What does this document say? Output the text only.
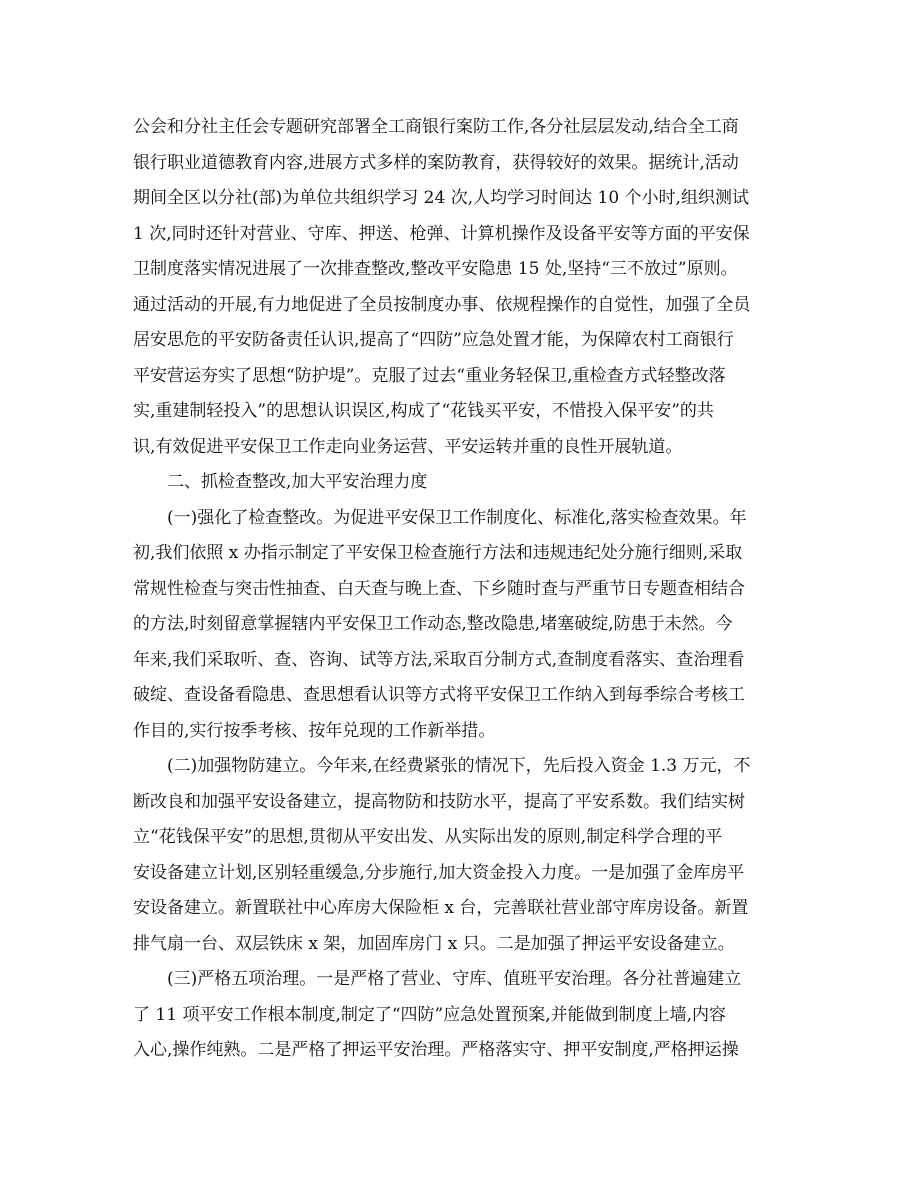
公会和分社主任会专题研究部署全工商银行案防工作,各分社层层发动,结合全工商
银行职业道德教育内容,进展方式多样的案防教育，获得较好的效果。据统计,活动
期间全区以分社(部)为单位共组织学习 24 次,人均学习时间达 10 个小时,组织测试
1 次,同时还针对营业、守库、押送、枪弹、计算机操作及设备平安等方面的平安保
卫制度落实情况进展了一次排查整改,整改平安隐患 15 处,坚持“三不放过”原则。
通过活动的开展,有力地促进了全员按制度办事、依规程操作的自觉性，加强了全员
居安思危的平安防备责任认识,提高了“四防”应急处置才能，为保障农村工商银行
平安营运夯实了思想“防护堤”。克服了过去“重业务轻保卫,重检查方式轻整改落
实,重建制轻投入”的思想认识误区,构成了“花钱买平安，不惜投入保平安”的共
识,有效促进平安保卫工作走向业务运营、平安运转并重的良性开展轨道。
二、抓检查整改,加大平安治理力度
(一)强化了检查整改。为促进平安保卫工作制度化、标准化,落实检查效果。年
初,我们依照 x 办指示制定了平安保卫检查施行方法和违规违纪处分施行细则,采取
常规性检查与突击性抽查、白天查与晚上查、下乡随时查与严重节日专题查相结合
的方法,时刻留意掌握辖内平安保卫工作动态,整改隐患,堵塞破绽,防患于未然。今
年来,我们采取听、查、咨询、试等方法,采取百分制方式,查制度看落实、查治理看
破绽、查设备看隐患、查思想看认识等方式将平安保卫工作纳入到每季综合考核工
作目的,实行按季考核、按年兑现的工作新举措。
(二)加强物防建立。今年来,在经费紧张的情况下，先后投入资金 1.3 万元，不
断改良和加强平安设备建立，提高物防和技防水平，提高了平安系数。我们结实树
立“花钱保平安”的思想,贯彻从平安出发、从实际出发的原则,制定科学合理的平
安设备建立计划,区别轻重缓急,分步施行,加大资金投入力度。一是加强了金库房平
安设备建立。新置联社中心库房大保险柜 x 台，完善联社营业部守库房设备。新置
排气扇一台、双层铁床 x 架，加固库房门 x 只。二是加强了押运平安设备建立。
(三)严格五项治理。一是严格了营业、守库、值班平安治理。各分社普遍建立
了 11 项平安工作根本制度,制定了“四防”应急处置预案,并能做到制度上墙,内容
入心,操作纯熟。二是严格了押运平安治理。严格落实守、押平安制度,严格押运操
